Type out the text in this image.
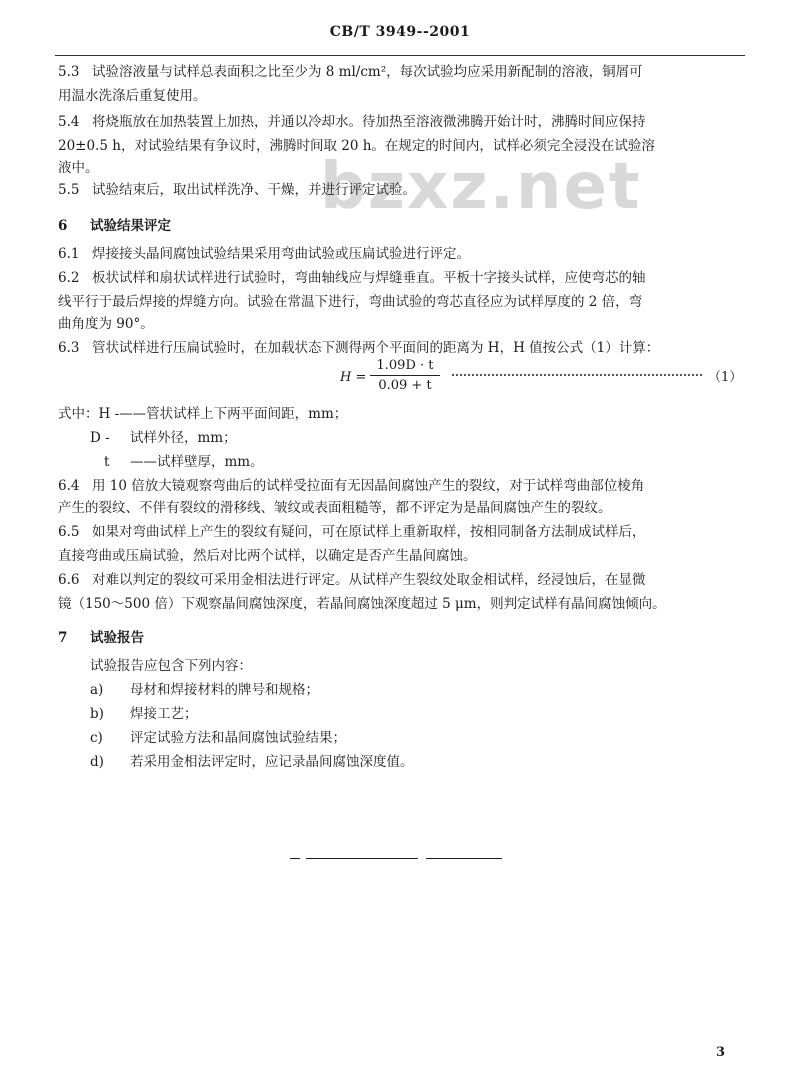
CB/T 3949--2001
bzxz.net
5.3 试验溶液量与试样总表面积之比至少为 8 ml/cm²，每次试验均应采用新配制的溶液，铜屑可
用温水洗涤后重复使用。
5.4 将烧瓶放在加热装置上加热，并通以冷却水。待加热至溶液微沸腾开始计时，沸腾时间应保持
20±0.5 h，对试验结果有争议时，沸腾时间取 20 h。在规定的时间内，试样必须完全浸没在试验溶
液中。
5.5 试验结束后，取出试样洗净、干燥，并进行评定试验。
6 试验结果评定
6.1 焊接接头晶间腐蚀试验结果采用弯曲试验或压扁试验进行评定。
6.2 板状试样和扇状试样进行试验时，弯曲轴线应与焊缝垂直。平板十字接头试样，应使弯芯的轴
线平行于最后焊接的焊缝方向。试验在常温下进行，弯曲试验的弯芯直径应为试样厚度的 2 倍，弯
曲角度为 90°。
6.3 管状试样进行压扁试验时，在加载状态下测得两个平面间的距离为 H，H 值按公式（1）计算：
$H = \frac{1.09D \cdot t}{0.09 + t}$	（1）
式中：H -——管状试样上下两平面间距，mm；
D - 试样外径，mm；
t ——试样壁厚，mm。
6.4 用 10 倍放大镜观察弯曲后的试样受拉面有无因晶间腐蚀产生的裂纹，对于试样弯曲部位棱角
产生的裂纹、不伴有裂纹的滑移线、皱纹或表面粗糙等，都不评定为是晶间腐蚀产生的裂纹。
6.5 如果对弯曲试样上产生的裂纹有疑问，可在原试样上重新取样，按相同制备方法制成试样后，
直接弯曲或压扁试验，然后对比两个试样，以确定是否产生晶间腐蚀。
6.6 对难以判定的裂纹可采用金相法进行评定。从试样产生裂纹处取金相试样，经浸蚀后，在显微
镜（150～500 倍）下观察晶间腐蚀深度，若晶间腐蚀深度超过 5 μm，则判定试样有晶间腐蚀倾向。
7 试验报告
试验报告应包含下列内容：
a) 母材和焊接材料的牌号和规格；
b) 焊接工艺；
c) 评定试验方法和晶间腐蚀试验结果；
d) 若采用金相法评定时，应记录晶间腐蚀深度值。
3
